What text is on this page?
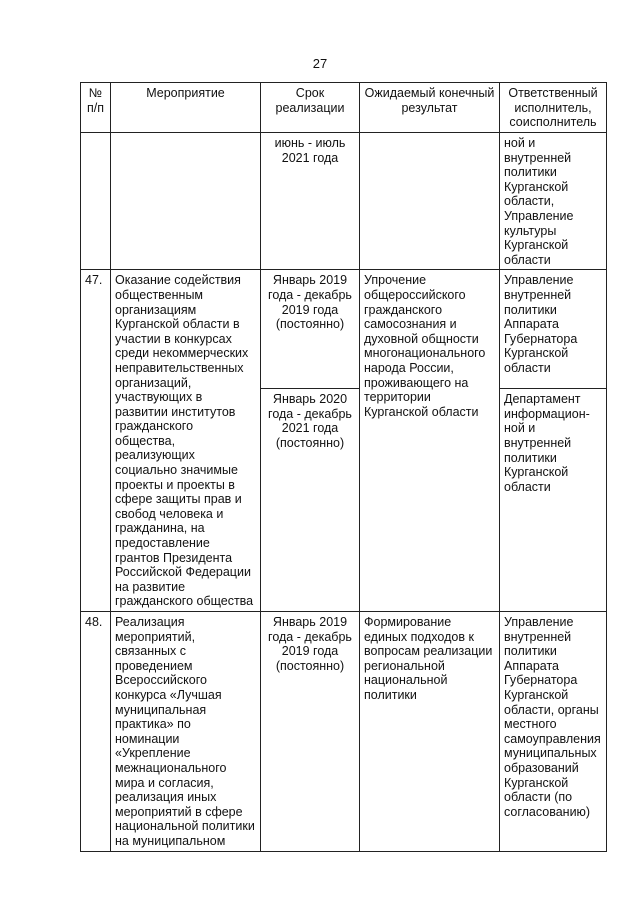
27
№ п/п	Мероприятие	Срок реализации	Ожидаемый конечный результат	Ответственный исполнитель, соисполнитель
		июнь - июль 2021 года		ной и внутренней политики Курганской области, Управление культуры Курганской области
47.	Оказание содействия общественным организациям Курганской области в участии в конкурсах среди некоммерческих неправительственных организаций, участвующих в развитии институтов гражданского общества, реализующих социально значимые проекты и проекты в сфере защиты прав и свобод человека и гражданина, на предоставление грантов Президента Российской Федерации на развитие гражданского общества	Январь 2019 года - декабрь 2019 года (постоянно)	Упрочение общероссийского гражданского самосознания и духовной общности многонационального народа России, проживающего на территории Курганской области	Управление внутренней политики Аппарата Губернатора Курганской области
		Январь 2020 года - декабрь 2021 года (постоянно)		Департамент информацион-ной и внутренней политики Курганской области
48.	Реализация мероприятий, связанных с проведением Всероссийского конкурса «Лучшая муниципальная практика» по номинации «Укрепление межнационального мира и согласия, реализация иных мероприятий в сфере национальной политики на муниципальном	Январь 2019 года - декабрь 2019 года (постоянно)	Формирование единых подходов к вопросам реализации региональной национальной политики	Управление внутренней политики Аппарата Губернатора Курганской области, органы местного самоуправления муниципальных образований Курганской области (по согласованию)
